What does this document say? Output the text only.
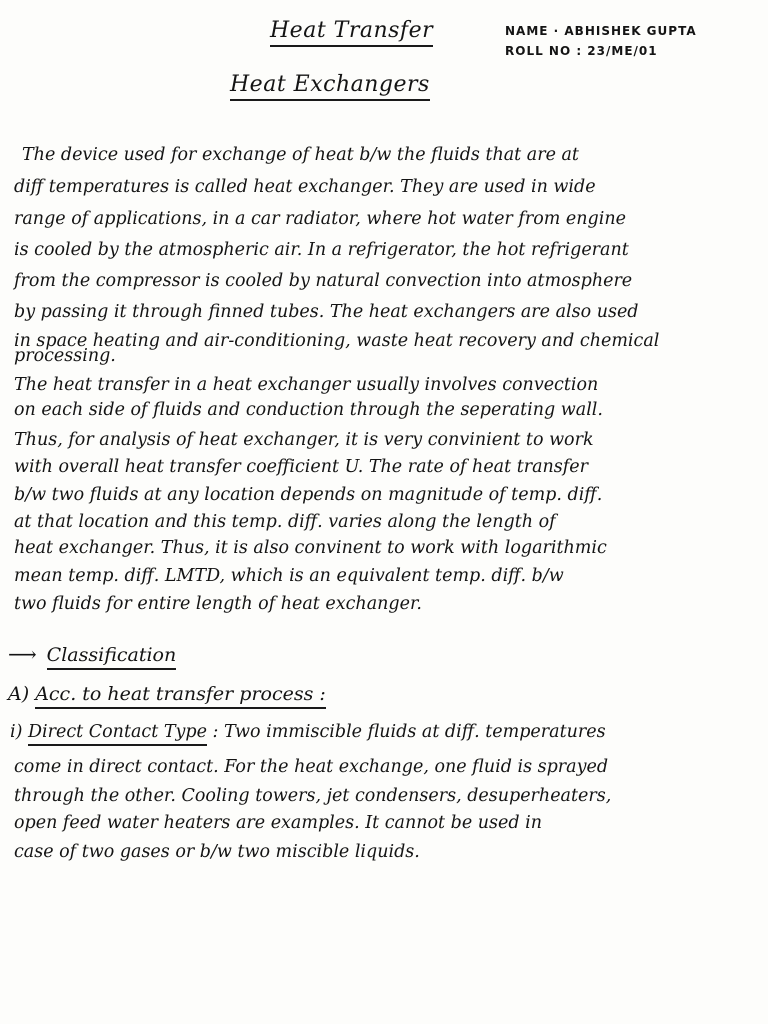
Heat Transfer	NAME · ABHISHEK GUPTA
ROLL NO : 23/ME/01
Heat Exchangers
The device used for exchange of heat b/w the fluids that are at
diff temperatures is called heat exchanger. They are used in wide
range of applications, in a car radiator, where hot water from engine
is cooled by the atmospheric air. In a refrigerator, the hot refrigerant
from the compressor is cooled by natural convection into atmosphere
by passing it through finned tubes. The heat exchangers are also used
in space heating and air-conditioning, waste heat recovery and chemical
processing.
The heat transfer in a heat exchanger usually involves convection
on each side of fluids and conduction through the seperating wall.
Thus, for analysis of heat exchanger, it is very convinient to work
with overall heat transfer coefficient U. The rate of heat transfer
b/w two fluids at any location depends on magnitude of temp. diff.
at that location and this temp. diff. varies along the length of
heat exchanger. Thus, it is also convinent to work with logarithmic
mean temp. diff. LMTD, which is an equivalent temp. diff. b/w
two fluids for entire length of heat exchanger.
⟶ Classification
A) Acc. to heat transfer process :
i) Direct Contact Type : Two immiscible fluids at diff. temperatures
come in direct contact. For the heat exchange, one fluid is sprayed
through the other. Cooling towers, jet condensers, desuperheaters,
open feed water heaters are examples. It cannot be used in
case of two gases or b/w two miscible liquids.
